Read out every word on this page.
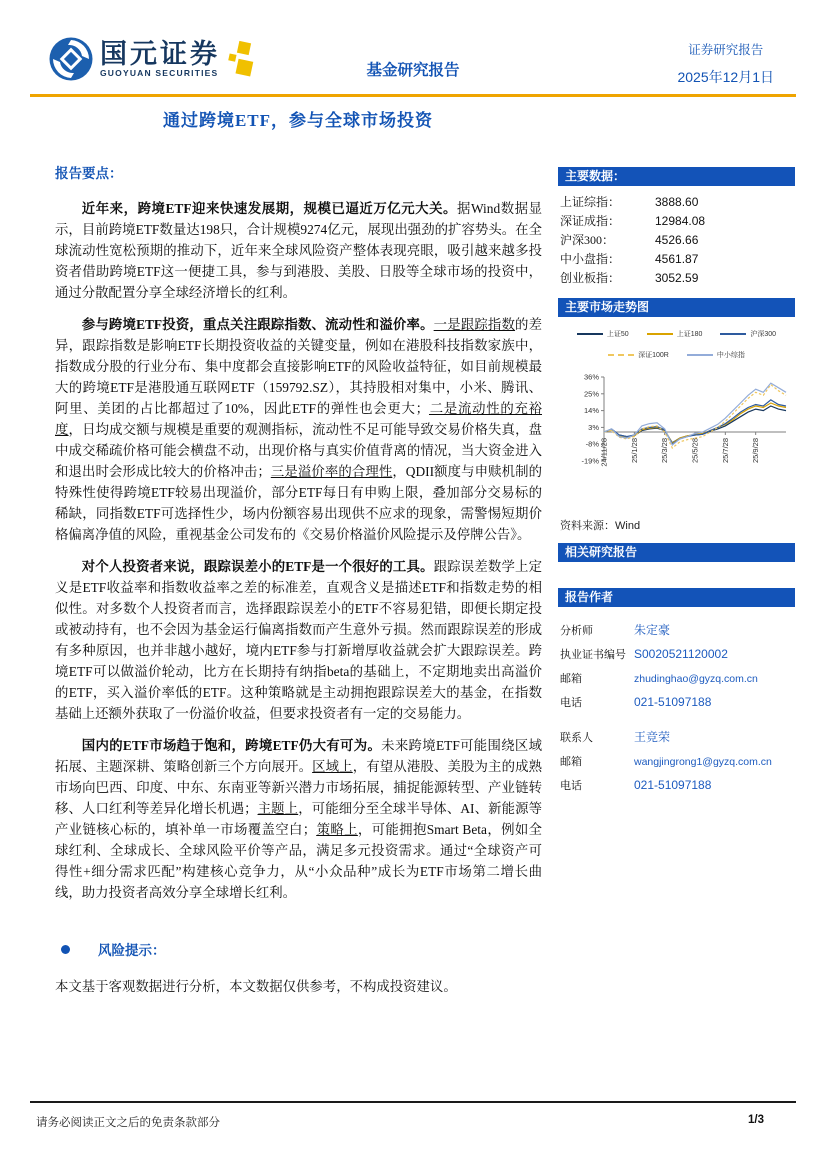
国元证券
GUOYUAN SECURITIES	基金研究报告
证券研究报告
2025年12月1日
通过跨境ETF，参与全球市场投资
报告要点：

近年来，跨境ETF迎来快速发展期，规模已逼近万亿元大关。据Wind数据显示，目前跨境ETF数量达198只，合计规模9274亿元，展现出强劲的扩容势头。在全球流动性宽松预期的推动下，近年来全球风险资产整体表现亮眼，吸引越来越多投资者借助跨境ETF这一便捷工具，参与到港股、美股、日股等全球市场的投资中，通过分散配置分享全球经济增长的红利。

参与跨境ETF投资，重点关注跟踪指数、流动性和溢价率。一是跟踪指数的差异，跟踪指数是影响ETF长期投资收益的关键变量，例如在港股科技指数家族中，指数成分股的行业分布、集中度都会直接影响ETF的风险收益特征，如目前规模最大的跨境ETF是港股通互联网ETF（159792.SZ），其持股相对集中，小米、腾讯、阿里、美团的占比都超过了10%，因此ETF的弹性也会更大；二是流动性的充裕度，日均成交额与规模是重要的观测指标，流动性不足可能导致交易价格失真，盘中成交稀疏价格可能会横盘不动，出现价格与真实价值背离的情况，当大资金进入和退出时会形成比较大的价格冲击；三是溢价率的合理性，QDII额度与申赎机制的特殊性使得跨境ETF较易出现溢价，部分ETF每日有申购上限，叠加部分交易标的稀缺，同指数ETF可选择性少，场内份额容易出现供不应求的现象，需警惕短期价格偏离净值的风险，重视基金公司发布的《交易价格溢价风险提示及停牌公告》。

对个人投资者来说，跟踪误差小的ETF是一个很好的工具。跟踪误差数学上定义是ETF收益率和指数收益率之差的标准差，直观含义是描述ETF和指数走势的相似性。对多数个人投资者而言，选择跟踪误差小的ETF不容易犯错，即便长期定投或被动持有，也不会因为基金运行偏离指数而产生意外亏损。然而跟踪误差的形成有多种原因，也并非越小越好，境内ETF参与打新增厚收益就会扩大跟踪误差。跨境ETF可以做溢价轮动，比方在长期持有纳指beta的基础上，不定期地卖出高溢价的ETF，买入溢价率低的ETF。这种策略就是主动拥抱跟踪误差大的基金，在指数基础上还额外获取了一份溢价收益，但要求投资者有一定的交易能力。

国内的ETF市场趋于饱和，跨境ETF仍大有可为。未来跨境ETF可能围绕区域拓展、主题深耕、策略创新三个方向展开。区域上，有望从港股、美股为主的成熟市场向巴西、印度、中东、东南亚等新兴潜力市场拓展，捕捉能源转型、产业链转移、人口红利等差异化增长机遇；主题上，可能细分至全球半导体、AI、新能源等产业链核心标的，填补单一市场覆盖空白；策略上，可能拥抱Smart Beta，例如全球红利、全球成长、全球风险平价等产品，满足多元投资需求。通过“全球资产可得性+细分需求匹配”构建核心竞争力，从“小众品种”成长为ETF市场第二增长曲线，助力投资者高效分享全球增长红利。

风险提示：
本文基于客观数据进行分析，本文数据仅供参考，不构成投资建议。
主要数据：
上证综指：	3888.60
深证成指：	12984.08
沪深300：	4526.66
中小盘指：	4561.87
创业板指：	3052.59
主要市场走势图
上证50	上证180	沪深300
深证100R	中小综指
36%
25%
14%
3%
-8%
-19% 24/11/28	25/1/28	25/3/28	25/5/28	25/7/28	25/9/28
资料来源：Wind
相关研究报告
报告作者
分析师	朱定豪
执业证书编号 S0020521120002
邮箱	zhudinghao@gyzq.com.cn
电话	021-51097188
联系人	王竞荣
邮箱	wangjingrong1@gyzq.com.cn
电话	021-51097188
请务必阅读正文之后的免责条款部分	1/3
